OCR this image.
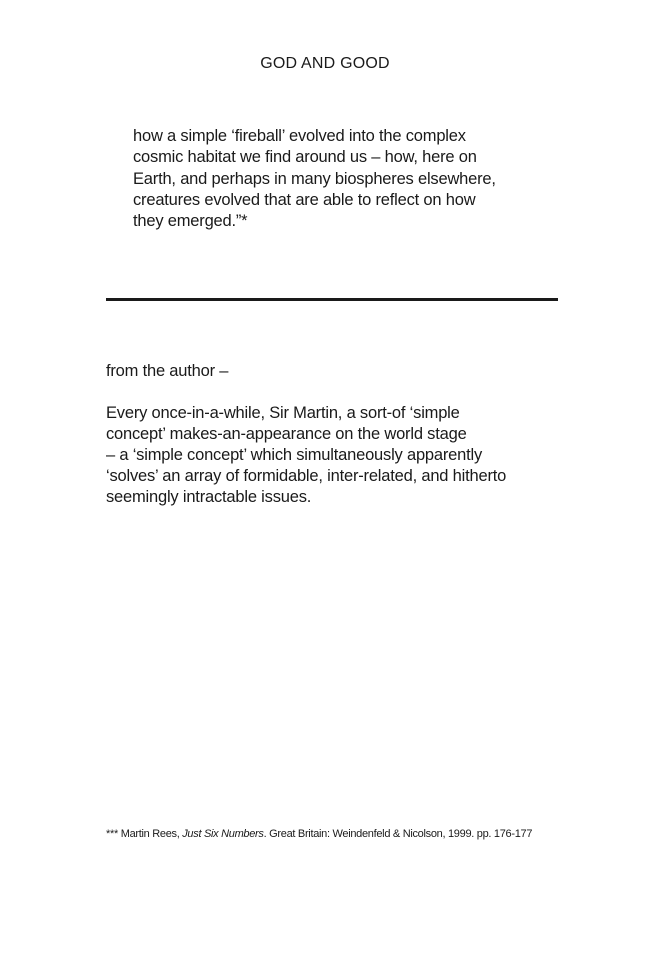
GOD AND GOOD
how a simple ‘fireball’ evolved into the complex
cosmic habitat we find around us – how, here on
Earth, and perhaps in many biospheres elsewhere,
creatures evolved that are able to reflect on how
they emerged.”*
from the author –
Every once-in-a-while, Sir Martin, a sort-of ‘simple
concept’ makes-an-appearance on the world stage
– a ‘simple concept’ which simultaneously apparently
‘solves’ an array of formidable, inter-related, and hitherto
seemingly intractable issues.
*** Martin Rees, Just Six Numbers. Great Britain: Weindenfeld & Nicolson, 1999. pp. 176-177
